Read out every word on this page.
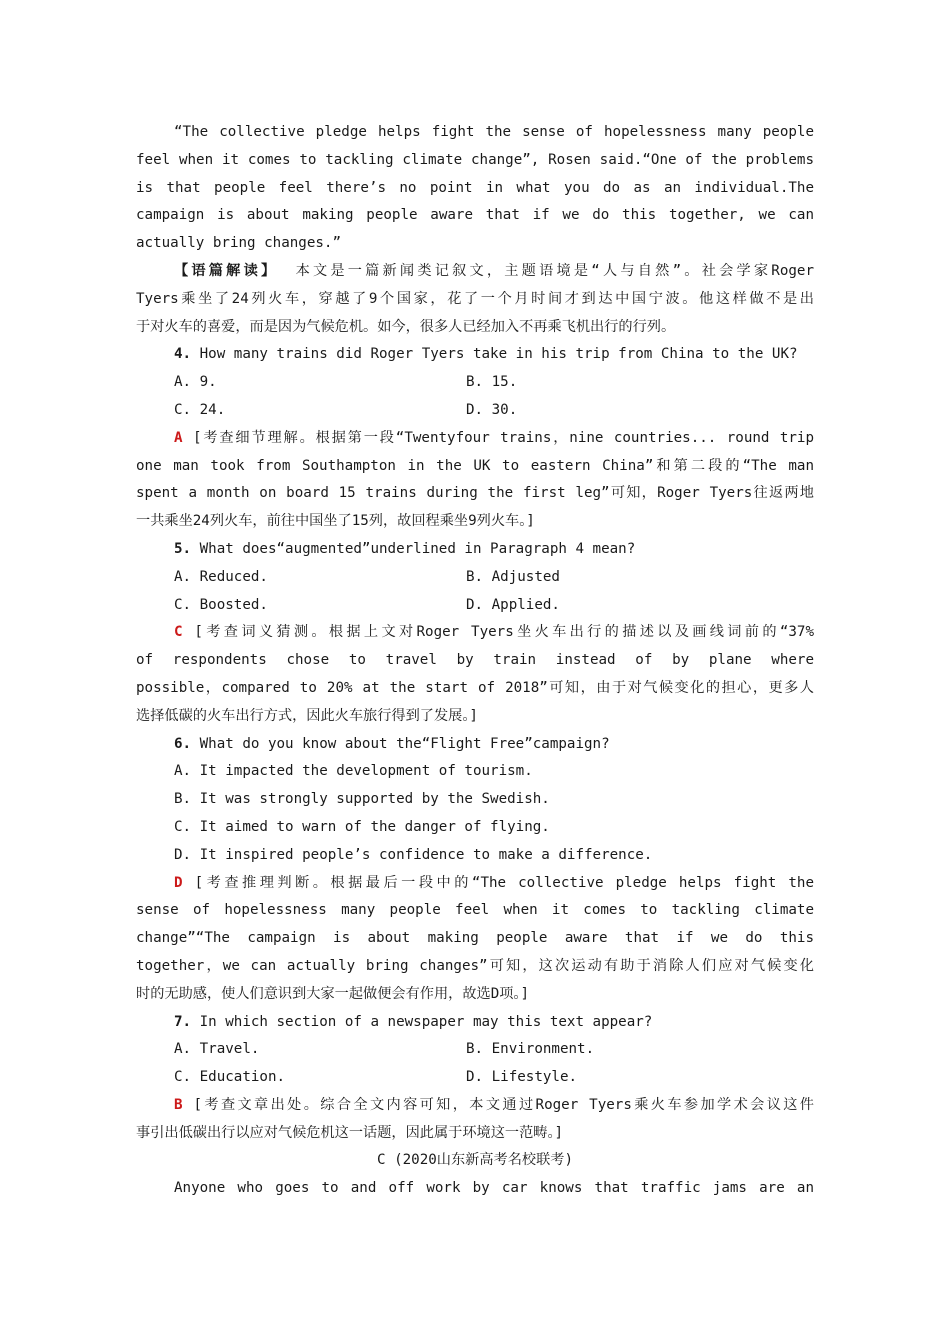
“The collective pledge helps fight the sense of hopelessness many people
feel when it comes to tackling climate change”, Rosen said.“One of the problems
is that people feel there’s no point in what you do as an individual.The
campaign is about making people aware that if we do this together, we can
actually bring changes.”
【语篇解读】 本文是一篇新闻类记叙文，主题语境是“人与自然”。社会学家Roger
Tyers乘坐了24列火车，穿越了9个国家，花了一个月时间才到达中国宁波。他这样做不是出
于对火车的喜爱，而是因为气候危机。如今，很多人已经加入不再乘飞机出行的行列。
4. How many trains did Roger Tyers take in his trip from China to the UK?
A. 9.	B. 15.
C. 24.	D. 30.
A [考查细节理解。根据第一段“Twentyfour trains，nine countries... round trip
one man took from Southampton in the UK to eastern China”和第二段的“The man
spent a month on board 15 trains during the first leg”可知，Roger Tyers往返两地
一共乘坐24列火车，前往中国坐了15列，故回程乘坐9列火车。]
5. What does“augmented”underlined in Paragraph 4 mean?
A. Reduced.	B. Adjusted
C. Boosted.	D. Applied.
C [考查词义猜测。根据上文对Roger Tyers坐火车出行的描述以及画线词前的“37%
of respondents chose to travel by train instead of by plane where
possible，compared to 20% at the start of 2018”可知，由于对气候变化的担心，更多人
选择低碳的火车出行方式，因此火车旅行得到了发展。]
6. What do you know about the“Flight Free”campaign?
A. It impacted the development of tourism.
B. It was strongly supported by the Swedish.
C. It aimed to warn of the danger of flying.
D. It inspired people’s confidence to make a difference.
D [考查推理判断。根据最后一段中的“The collective pledge helps fight the
sense of hopelessness many people feel when it comes to tackling climate
change”“The campaign is about making people aware that if we do this
together，we can actually bring changes”可知，这次运动有助于消除人们应对气候变化
时的无助感，使人们意识到大家一起做便会有作用，故选D项。]
7. In which section of a newspaper may this text appear?
A. Travel.	B. Environment.
C. Education.	D. Lifestyle.
B [考查文章出处。综合全文内容可知，本文通过Roger Tyers乘火车参加学术会议这件
事引出低碳出行以应对气候危机这一话题，因此属于环境这一范畴。]
C (2020山东新高考名校联考)
Anyone who goes to and off work by car knows that traffic jams are an
